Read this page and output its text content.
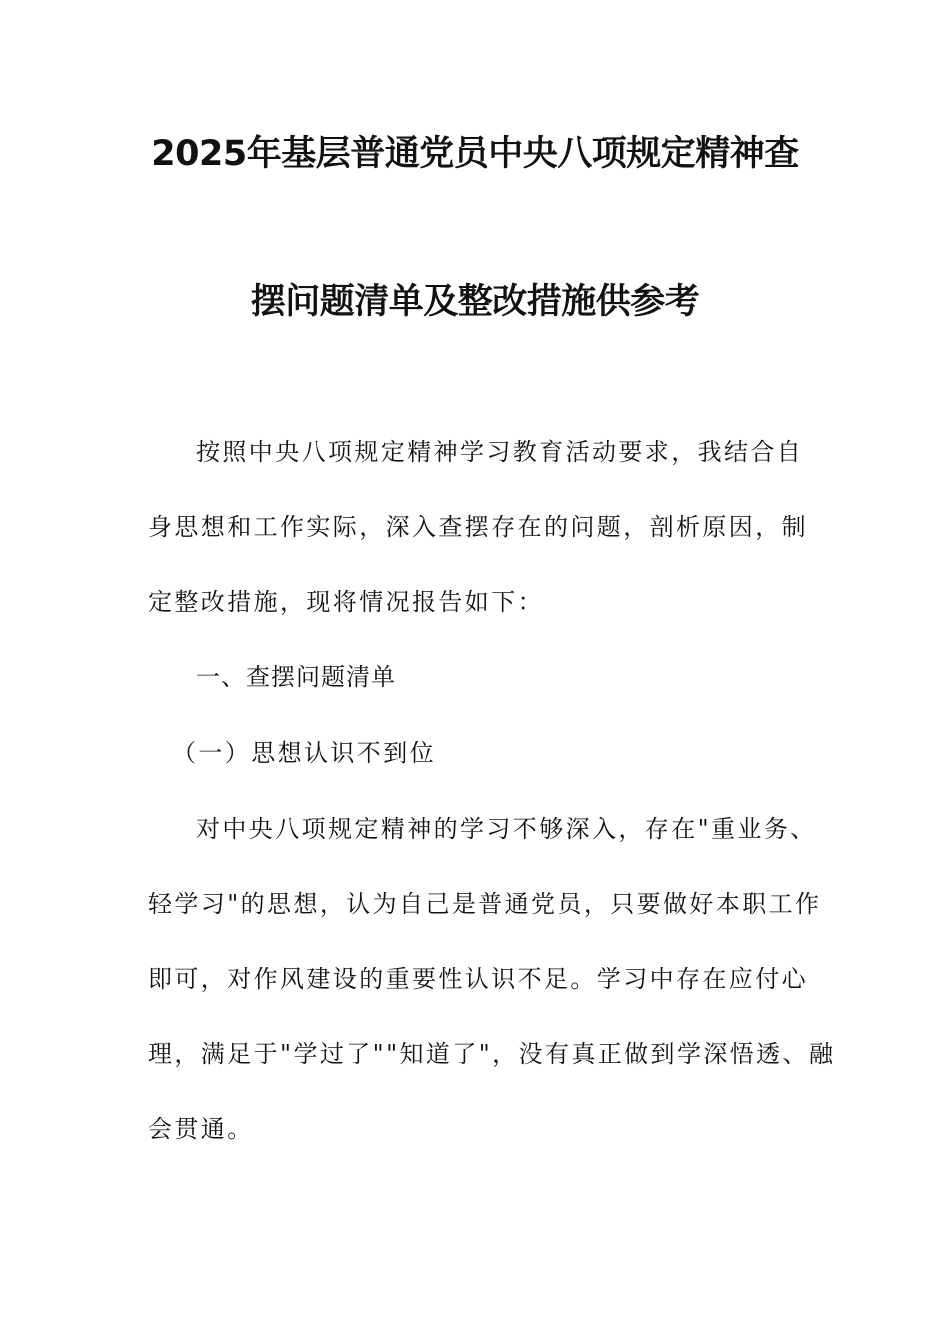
2025年基层普通党员中央八项规定精神查
摆问题清单及整改措施供参考
按照中央八项规定精神学习教育活动要求，我结合自
身思想和工作实际，深入查摆存在的问题，剖析原因，制
定整改措施，现将情况报告如下：
一、查摆问题清单
（一）思想认识不到位
对中央八项规定精神的学习不够深入，存在"重业务、
轻学习"的思想，认为自己是普通党员，只要做好本职工作
即可，对作风建设的重要性认识不足。学习中存在应付心
理，满足于"学过了""知道了"，没有真正做到学深悟透、融
会贯通。
